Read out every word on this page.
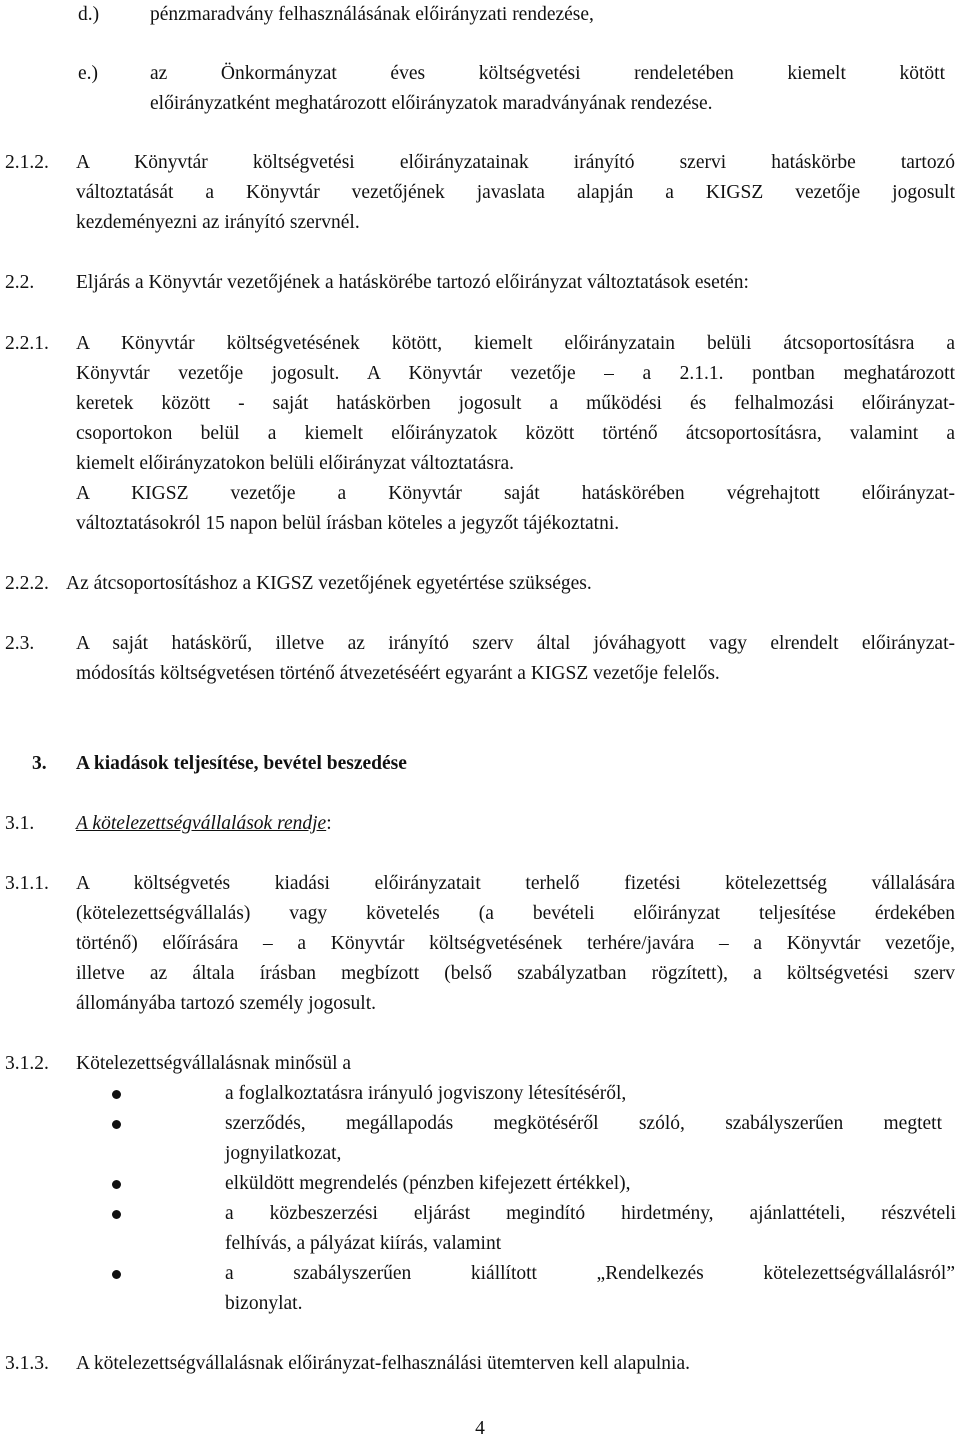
d.)	pénzmaradvány felhasználásának előirányzati rendezése,
e.)	az Önkormányzat éves költségvetési rendeletében kiemelt kötött
előirányzatként meghatározott előirányzatok maradványának rendezése.
2.1.2. A Könyvtár költségvetési előirányzatainak irányító szervi hatáskörbe tartozó
változtatását a Könyvtár vezetőjének javaslata alapján a KIGSZ vezetője jogosult
kezdeményezni az irányító szervnél.
2.2. Eljárás a Könyvtár vezetőjének a hatáskörébe tartozó előirányzat változtatások esetén:
2.2.1. A Könyvtár költségvetésének kötött, kiemelt előirányzatain belüli átcsoportosításra a
Könyvtár vezetője jogosult. A Könyvtár vezetője – a 2.1.1. pontban meghatározott
keretek között - saját hatáskörben jogosult a működési és felhalmozási előirányzat-
csoportokon belül a kiemelt előirányzatok között történő átcsoportosításra, valamint a
kiemelt előirányzatokon belüli előirányzat változtatásra.
A KIGSZ vezetője a Könyvtár saját hatáskörében végrehajtott előirányzat-
változtatásokról 15 napon belül írásban köteles a jegyzőt tájékoztatni.
2.2.2. Az átcsoportosításhoz a KIGSZ vezetőjének egyetértése szükséges.
2.3. A saját hatáskörű, illetve az irányító szerv által jóváhagyott vagy elrendelt előirányzat-
módosítás költségvetésen történő átvezetéséért egyaránt a KIGSZ vezetője felelős.
3. A kiadások teljesítése, bevétel beszedése
3.1. A kötelezettségvállalások rendje:
3.1.1. A költségvetés kiadási előirányzatait terhelő fizetési kötelezettség vállalására
(kötelezettségvállalás) vagy követelés (a bevételi előirányzat teljesítése érdekében
történő) előírására – a Könyvtár költségvetésének terhére/javára – a Könyvtár vezetője,
illetve az általa írásban megbízott (belső szabályzatban rögzített), a költségvetési szerv
állományába tartozó személy jogosult.
3.1.2. Kötelezettségvállalásnak minősül a
a foglalkoztatásra irányuló jogviszony létesítéséről,
szerződés, megállapodás megkötéséről szóló, szabályszerűen megtett
jognyilatkozat,
elküldött megrendelés (pénzben kifejezett értékkel),
a közbeszerzési eljárást megindító hirdetmény, ajánlattételi, részvételi
felhívás, a pályázat kiírás, valamint
a szabályszerűen kiállított „Rendelkezés kötelezettségvállalásról”
bizonylat.
3.1.3. A kötelezettségvállalásnak előirányzat-felhasználási ütemterven kell alapulnia.
4
